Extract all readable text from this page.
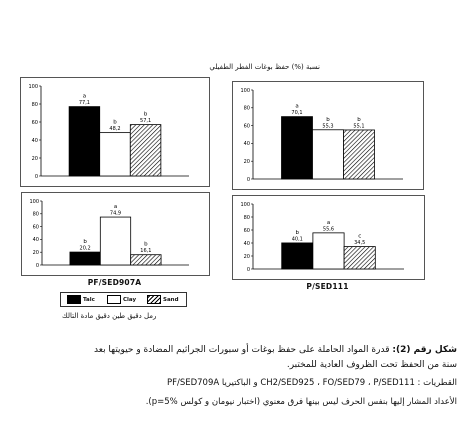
نسبة (%) حفظ بوغات الفطر الطفيلي
0
20
40
60
80
100
a
77,1
b
48,2
b
57,1
0
20
40
60
80
100
a
70,1
b
55,3
b
55,1
0
20
40
60
80
100
b
20,2
a
74,9
b
16,1
PF/SED907A
0
20
40
60
80
100
b
40,1
a
55,6
c
34,5
P/SED111
Talc	Clay	Sand
رمل دقيق طين دقيق مادة التالك
شكل رقم (2): قدرة المواد الحاملة على حفظ بوغات أو سبورات الجراثيم المضادة و حيويتها بعد
سنة من الحفظ تحت الظروف العادية للمختبر.
القطريات : CH2/SED925 ، FO/SED79 ، P/SED111 و الباكتيريا PF/SED709A
الأعداد المشار إليها بنفس الحرف ليس بينها فرق معنوي (اختبار نيومان و كولس p=5%).
